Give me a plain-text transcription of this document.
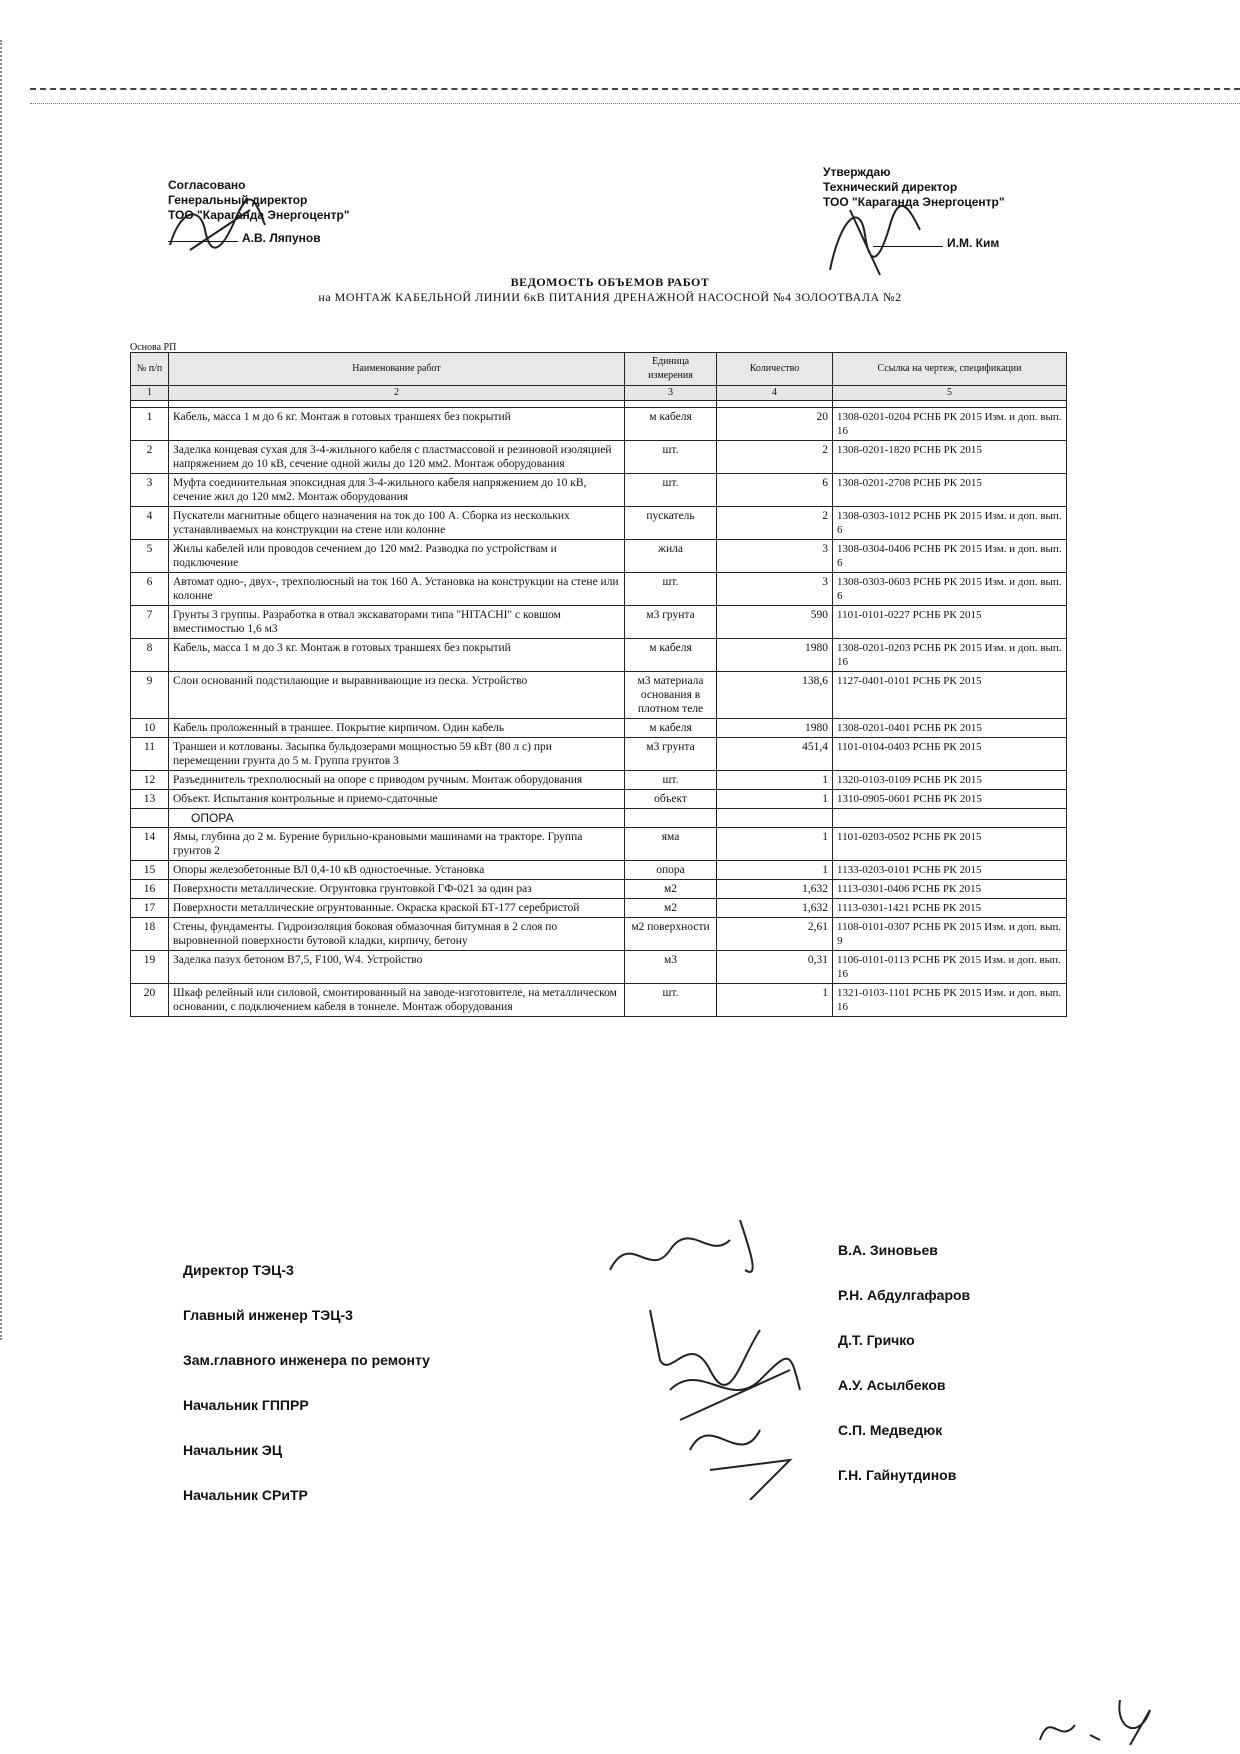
Согласовано
Генеральный директор
ТОО "Караганда Энергоцентр"
А.В. Ляпунов
Утверждаю
Технический директор
ТОО "Караганда Энергоцентр"
И.М. Ким
ВЕДОМОСТЬ ОБЪЕМОВ РАБОТ
на МОНТАЖ КАБЕЛЬНОЙ ЛИНИИ 6кВ ПИТАНИЯ ДРЕНАЖНОЙ НАСОСНОЙ №4 ЗОЛООТВАЛА №2
Основа РП
№ п/п	Наименование работ	Единица измерения	Количество	Ссылка на чертеж, спецификации
1	2	3	4	5

1	Кабель, масса 1 м до 6 кг. Монтаж в готовых траншеях без покрытий	м кабеля	20	1308-0201-0204 РСНБ РК 2015 Изм. и доп. вып. 16
2	Заделка концевая сухая для 3-4-жильного кабеля с пластмассовой и резиновой изоляцией напряжением до 10 кВ, сечение одной жилы до 120 мм2. Монтаж оборудования	шт.	2	1308-0201-1820 РСНБ РК 2015
3	Муфта соединительная эпоксидная для 3-4-жильного кабеля напряжением до 10 кВ, сечение жил до 120 мм2. Монтаж оборудования	шт.	6	1308-0201-2708 РСНБ РК 2015
4	Пускатели магнитные общего назначения на ток до 100 А. Сборка из нескольких устанавливаемых на конструкции на стене или колонне	пускатель	2	1308-0303-1012 РСНБ РК 2015 Изм. и доп. вып. 6
5	Жилы кабелей или проводов сечением до 120 мм2. Разводка по устройствам и подключение	жила	3	1308-0304-0406 РСНБ РК 2015 Изм. и доп. вып. 6
6	Автомат одно-, двух-, трехполюсный на ток 160 А. Установка на конструкции на стене или колонне	шт.	3	1308-0303-0603 РСНБ РК 2015 Изм. и доп. вып. 6
7	Грунты 3 группы. Разработка в отвал экскаваторами типа "HITACHI" с ковшом вместимостью 1,6 м3	м3 грунта	590	1101-0101-0227 РСНБ РК 2015
8	Кабель, масса 1 м до 3 кг. Монтаж в готовых траншеях без покрытий	м кабеля	1980	1308-0201-0203 РСНБ РК 2015 Изм. и доп. вып. 16
9	Слои оснований подстилающие и выравнивающие из песка. Устройство	м3 материала основания в плотном теле	138,6	1127-0401-0101 РСНБ РК 2015
10	Кабель проложенный в траншее. Покрытие кирпичом. Один кабель	м кабеля	1980	1308-0201-0401 РСНБ РК 2015
11	Траншеи и котлованы. Засыпка бульдозерами мощностью 59 кВт (80 л с) при перемещении грунта до 5 м. Группа грунтов 3	м3 грунта	451,4	1101-0104-0403 РСНБ РК 2015
12	Разъединитель трехполюсный на опоре с приводом ручным. Монтаж оборудования	шт.	1	1320-0103-0109 РСНБ РК 2015
13	Объект. Испытания контрольные и приемо-сдаточные	объект	1	1310-0905-0601 РСНБ РК 2015
	ОПОРА			
14	Ямы, глубина до 2 м. Бурение бурильно-крановыми машинами на тракторе. Группа грунтов 2	яма	1	1101-0203-0502 РСНБ РК 2015
15	Опоры железобетонные ВЛ 0,4-10 кВ одностоечные. Установка	опора	1	1133-0203-0101 РСНБ РК 2015
16	Поверхности металлические. Огрунтовка грунтовкой ГФ-021 за один раз	м2	1,632	1113-0301-0406 РСНБ РК 2015
17	Поверхности металлические огрунтованные. Окраска краской БТ-177 серебристой	м2	1,632	1113-0301-1421 РСНБ РК 2015
18	Стены, фундаменты. Гидроизоляция боковая обмазочная битумная в 2 слоя по выровненной поверхности бутовой кладки, кирпичу, бетону	м2 поверхности	2,61	1108-0101-0307 РСНБ РК 2015 Изм. и доп. вып. 9
19	Заделка пазух бетоном В7,5, F100, W4. Устройство	м3	0,31	1106-0101-0113 РСНБ РК 2015 Изм. и доп. вып. 16
20	Шкаф релейный или силовой, смонтированный на заводе-изготовителе, на металлическом основании, с подключением кабеля в тоннеле. Монтаж оборудования	шт.	1	1321-0103-1101 РСНБ РК 2015 Изм. и доп. вып. 16
Директор ТЭЦ-3
Главный инженер ТЭЦ-3
Зам.главного инженера по ремонту
Начальник ГППРР
Начальник ЭЦ
Начальник СРиТР
В.А. Зиновьев
Р.Н. Абдулгафаров
Д.Т. Гричко
А.У. Асылбеков
С.П. Медведюк
Г.Н. Гайнутдинов
